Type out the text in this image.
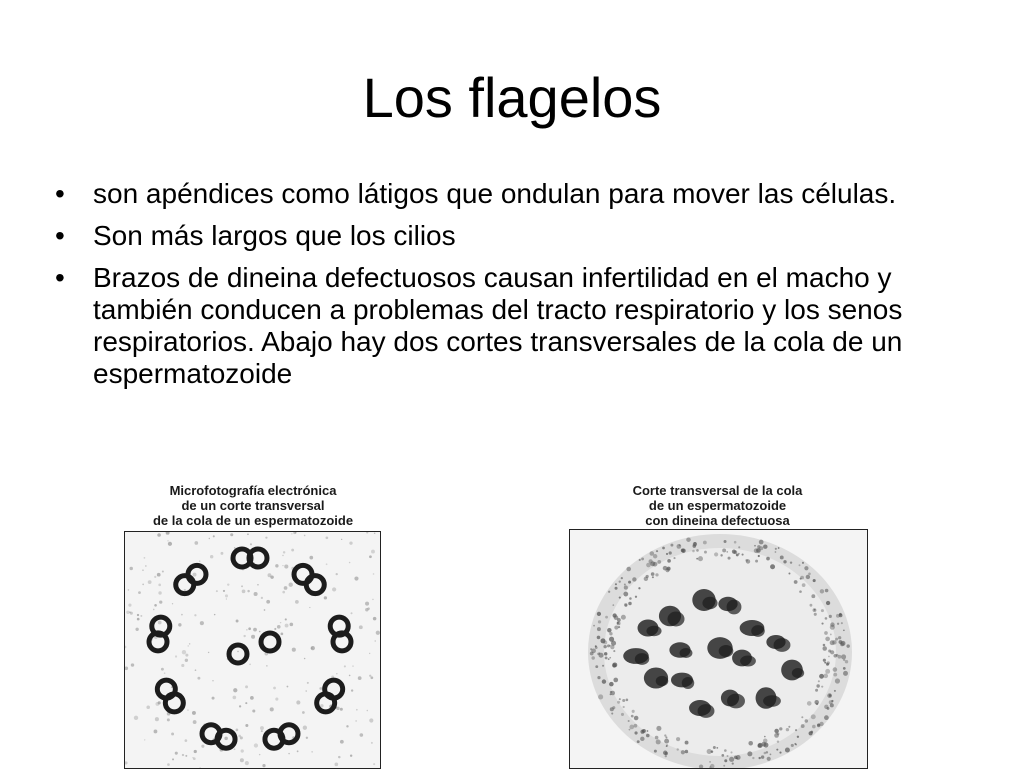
Los flagelos
• son apéndices como látigos que ondulan para mover las células.
• Son más largos que los cilios
• Brazos de dineina defectuosos causan infertilidad en el macho y también conducen a problemas del tracto respiratorio y los senos respiratorios. Abajo hay dos cortes transversales de la cola de un espermatozoide
Microfotografía electrónica
de un corte transversal
de la cola de un espermatozoide
Corte transversal de la cola
de un espermatozoide
con dineina defectuosa
